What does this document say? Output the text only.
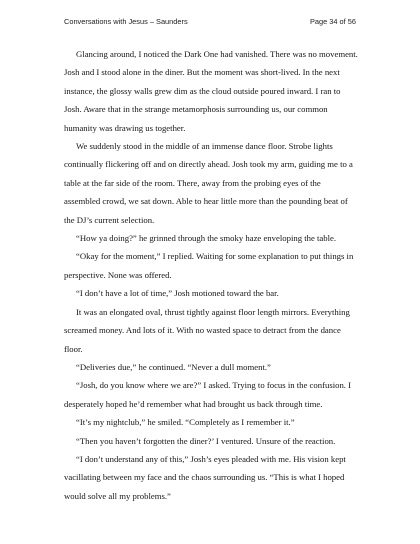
Conversations with Jesus – Saunders	Page 34 of 56

Glancing around, I noticed the Dark One had vanished. There was no movement. Josh and I stood alone in the diner. But the moment was short-lived. In the next instance, the glossy walls grew dim as the cloud outside poured inward. I ran to Josh. Aware that in the strange metamorphosis surrounding us, our common humanity was drawing us together.

We suddenly stood in the middle of an immense dance floor. Strobe lights continually flickering off and on directly ahead. Josh took my arm, guiding me to a table at the far side of the room. There, away from the probing eyes of the assembled crowd, we sat down. Able to hear little more than the pounding beat of the DJ’s current selection.

“How ya doing?” he grinned through the smoky haze enveloping the table.

“Okay for the moment,” I replied. Waiting for some explanation to put things in perspective. None was offered.

“I don’t have a lot of time,” Josh motioned toward the bar.

It was an elongated oval, thrust tightly against floor length mirrors. Everything screamed money. And lots of it. With no wasted space to detract from the dance floor.

“Deliveries due,” he continued. “Never a dull moment.”

“Josh, do you know where we are?” I asked. Trying to focus in the confusion. I desperately hoped he’d remember what had brought us back through time.

“It’s my nightclub,” he smiled. “Completely as I remember it.”

“Then you haven’t forgotten the diner?’ I ventured. Unsure of the reaction.

“I don’t understand any of this,” Josh’s eyes pleaded with me. His vision kept vacillating between my face and the chaos surrounding us. “This is what I hoped would solve all my problems.”
